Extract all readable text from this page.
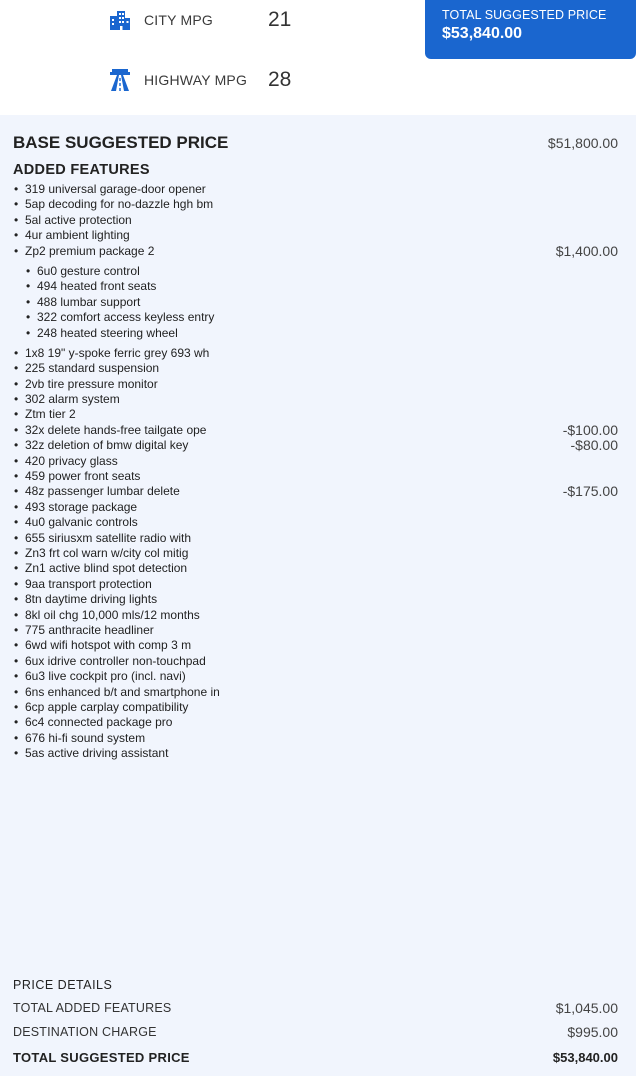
CITY MPG	21
HIGHWAY MPG 28
TOTAL SUGGESTED PRICE
$53,840.00
BASE SUGGESTED PRICE	$51,800.00
ADDED FEATURES
• 319 universal garage-door opener
• 5ap decoding for no-dazzle hgh bm
• 5al active protection
• 4ur ambient lighting
• Zp2 premium package 2	$1,400.00
• 6u0 gesture control
• 494 heated front seats
• 488 lumbar support
• 322 comfort access keyless entry
• 248 heated steering wheel
• 1x8 19" y-spoke ferric grey 693 wh
• 225 standard suspension
• 2vb tire pressure monitor
• 302 alarm system
• Ztm tier 2
• 32x delete hands-free tailgate ope	-$100.00
• 32z deletion of bmw digital key	-$80.00
• 420 privacy glass
• 459 power front seats
• 48z passenger lumbar delete	-$175.00
• 493 storage package
• 4u0 galvanic controls
• 655 siriusxm satellite radio with
• Zn3 frt col warn w/city col mitig
• Zn1 active blind spot detection
• 9aa transport protection
• 8tn daytime driving lights
• 8kl oil chg 10,000 mls/12 months
• 775 anthracite headliner
• 6wd wifi hotspot with comp 3 m
• 6ux idrive controller non-touchpad
• 6u3 live cockpit pro (incl. navi)
• 6ns enhanced b/t and smartphone in
• 6cp apple carplay compatibility
• 6c4 connected package pro
• 676 hi-fi sound system
• 5as active driving assistant
PRICE DETAILS
TOTAL ADDED FEATURES	$1,045.00
DESTINATION CHARGE	$995.00
TOTAL SUGGESTED PRICE	$53,840.00
